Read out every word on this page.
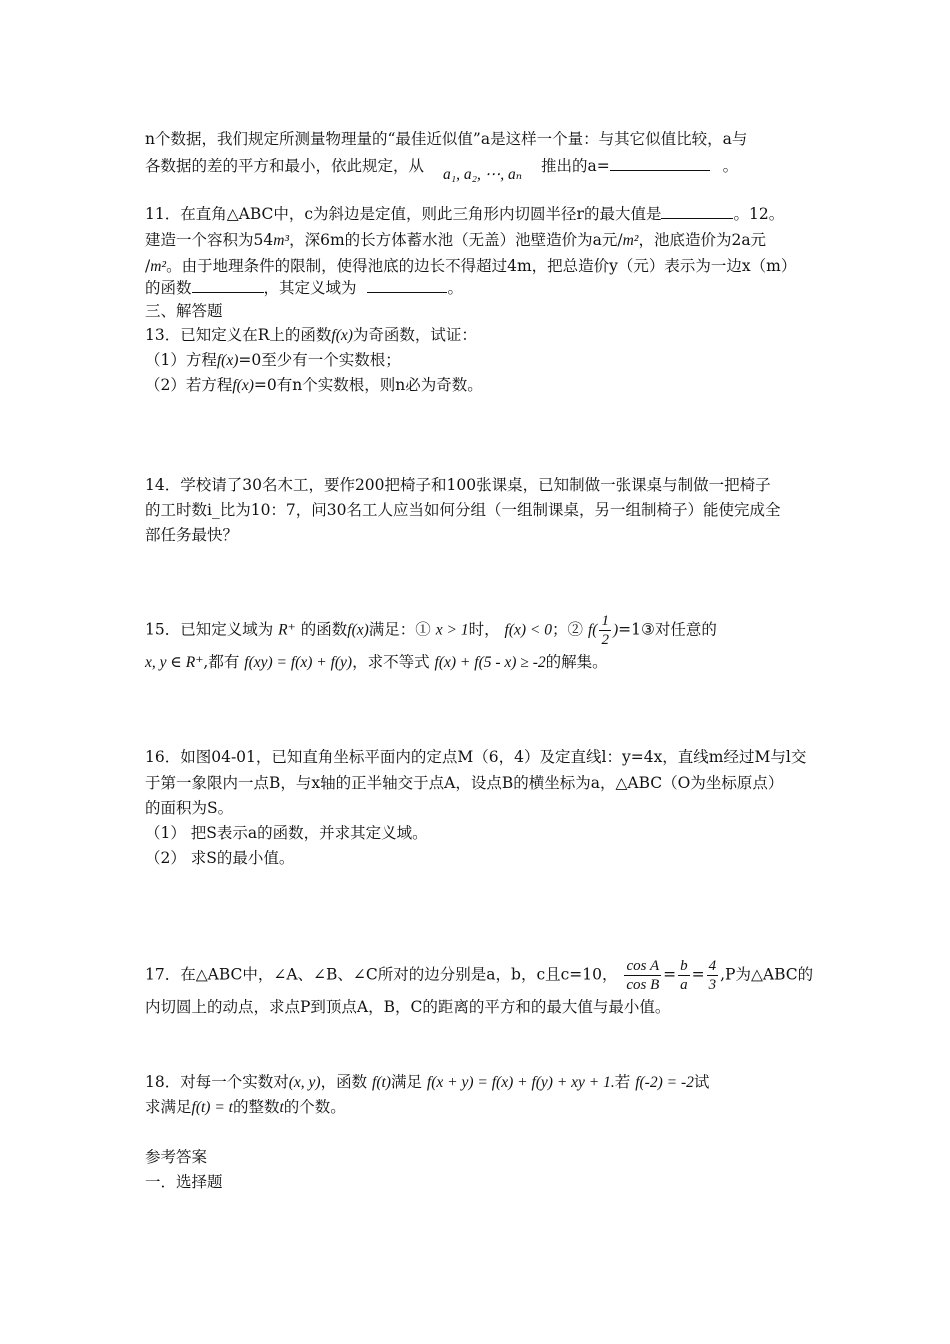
n个数据，我们规定所测量物理量的“最佳近似值”a是这样一个量：与其它似值比较，a与
各数据的差的平方和最小，依此规定，从 a₁, a₂, ⋯, aₙ 推出的a=	。
11．在直角△ABC中，c为斜边是定值，则此三角形内切圆半径r的最大值是	。12。
建造一个容积为54m³，深6m的长方体蓄水池（无盖）池壁造价为a元/m²，池底造价为2a元
/m²。由于地理条件的限制，使得池底的边长不得超过4m，把总造价y（元）表示为一边x（m）
的函数	，其定义域为	。
三、解答题
13．已知定义在R上的函数f(x)为奇函数，试证：
（1）方程f(x)=0至少有一个实数根；
（2）若方程f(x)=0有n个实数根，则n必为奇数。
14．学校请了30名木工，要作200把椅子和100张课桌，已知制做一张课桌与制做一把椅子
的工时数i_比为10：7，问30名工人应当如何分组（一组制课桌，另一组制椅子）能使完成全
部任务最快？
15．已知定义域为 R⁺ 的函数f(x)满足：① x > 1时， f(x) < 0；② $f( \frac{1}{2}$ )=1③对任意的
x, y ∈ R⁺,都有 f(xy) = f(x) + f(y)，求不等式 f(x) + f(5 - x) ≥ -2的解集。
16．如图04-01，已知直角坐标平面内的定点M（6，4）及定直线l：y=4x，直线m经过M与l交
于第一象限内一点B，与x轴的正半轴交于点A，设点B的横坐标为a，△ABC（O为坐标原点）
的面积为S。
（1） 把S表示a的函数，并求其定义域。
（2） 求S的最小值。
17．在△ABC中，∠A、∠B、∠C所对的边分别是a，b，c且c=10， $\frac{\text{cos A}}{\text{cos B}} = \frac{b}{a} = \frac{4}{3} ,P$为△ABC的
内切圆上的动点，求点P到顶点A，B，C的距离的平方和的最大值与最小值。
18．对每一个实数对(x, y)，函数 f(t)满足 f(x + y) = f(x) + f(y) + xy + 1.若 f(-2) = -2试
求满足f(t) = t的整数t的个数。
参考答案
一．选择题
